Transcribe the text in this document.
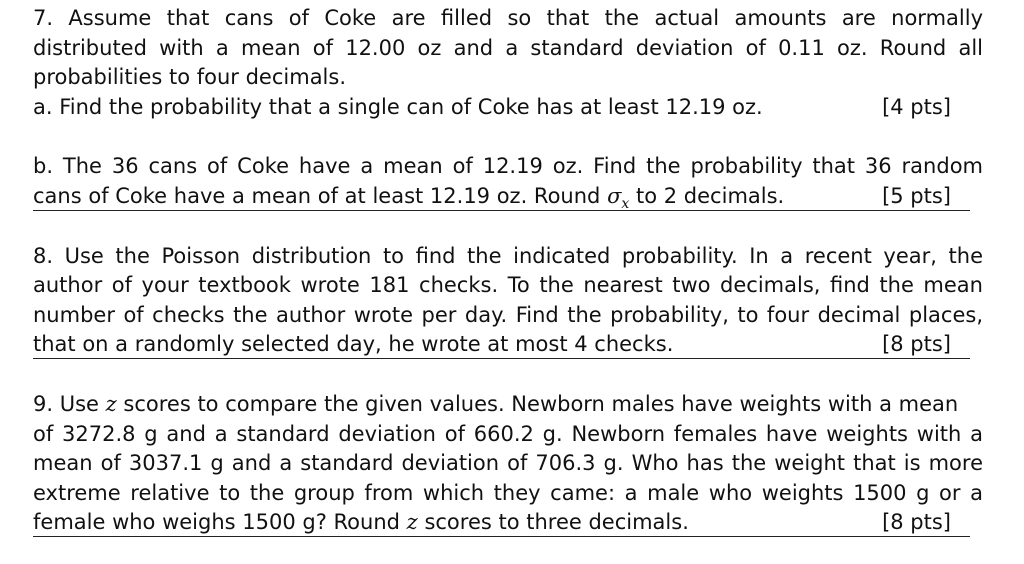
7. Assume that cans of Coke are filled so that the actual amounts are normally
distributed with a mean of 12.00 oz and a standard deviation of 0.11 oz. Round all
probabilities to four decimals.
a. Find the probability that a single can of Coke has at least 12.19 oz.	[4 pts]
b. The 36 cans of Coke have a mean of 12.19 oz. Find the probability that 36 random
cans of Coke have a mean of at least 12.19 oz. Round $\sigma_x$ to 2 decimals.	[5 pts]
8. Use the Poisson distribution to find the indicated probability. In a recent year, the
author of your textbook wrote 181 checks. To the nearest two decimals, find the mean
number of checks the author wrote per day. Find the probability, to four decimal places,
that on a randomly selected day, he wrote at most 4 checks.	[8 pts]
9. Use z scores to compare the given values. Newborn males have weights with a mean
of 3272.8 g and a standard deviation of 660.2 g. Newborn females have weights with a
mean of 3037.1 g and a standard deviation of 706.3 g. Who has the weight that is more
extreme relative to the group from which they came: a male who weights 1500 g or a
female who weighs 1500 g? Round z scores to three decimals.	[8 pts]
